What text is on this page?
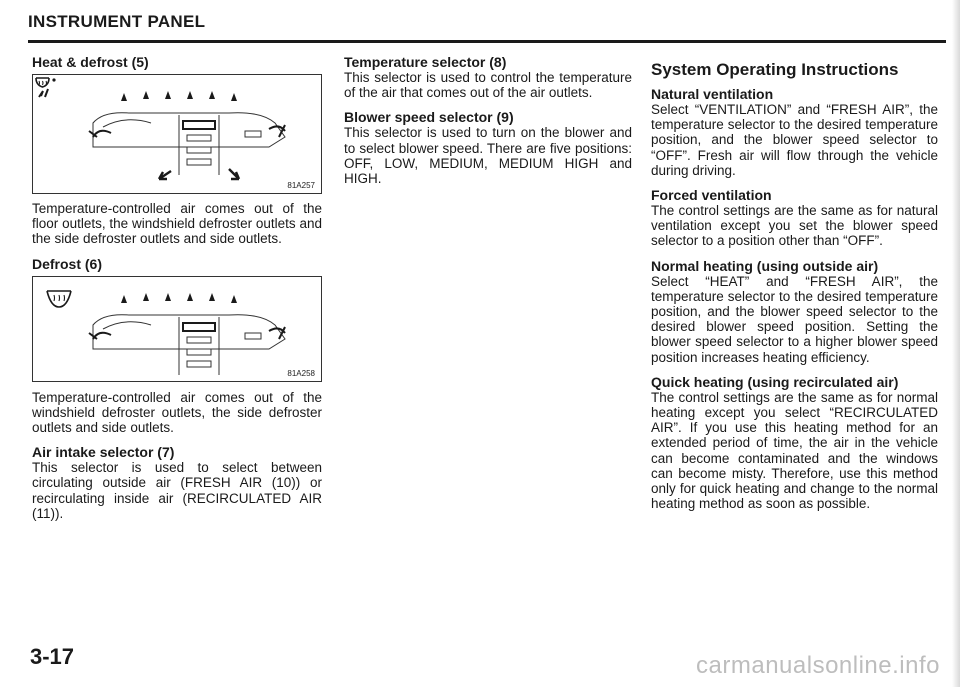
INSTRUMENT PANEL
Heat & defrost (5)
81A257

Temperature-controlled air comes out of the floor outlets, the windshield defroster outlets and the side defroster outlets and side outlets.

Defrost (6)
81A258

Temperature-controlled air comes out of the windshield defroster outlets, the side defroster outlets and side outlets.

Air intake selector (7)

This selector is used to select between circulating outside air (FRESH AIR (10)) or recirculating inside air (RECIRCULATED AIR (11)).

Temperature selector (8)

This selector is used to control the temperature of the air that comes out of the air outlets.

Blower speed selector (9)

This selector is used to turn on the blower and to select blower speed. There are five positions: OFF, LOW, MEDIUM, MEDIUM HIGH and HIGH.

System Operating Instructions
Natural ventilation

Select “VENTILATION” and “FRESH AIR”, the temperature selector to the desired temperature position, and the blower speed selector to “OFF”. Fresh air will flow through the vehicle during driving.

Forced ventilation

The control settings are the same as for natural ventilation except you set the blower speed selector to a position other than “OFF”.

Normal heating (using outside air)

Select “HEAT” and “FRESH AIR”, the temperature selector to the desired temperature position, and the blower speed selector to the desired blower speed position. Setting the blower speed selector to a higher blower speed position increases heating efficiency.

Quick heating (using recirculated air)

The control settings are the same as for normal heating except you select “RECIRCULATED AIR”. If you use this heating method for an extended period of time, the air in the vehicle can become contaminated and the windows can become misty. Therefore, use this method only for quick heating and change to the normal heating method as soon as possible.

3-17	carmanualsonline.info
